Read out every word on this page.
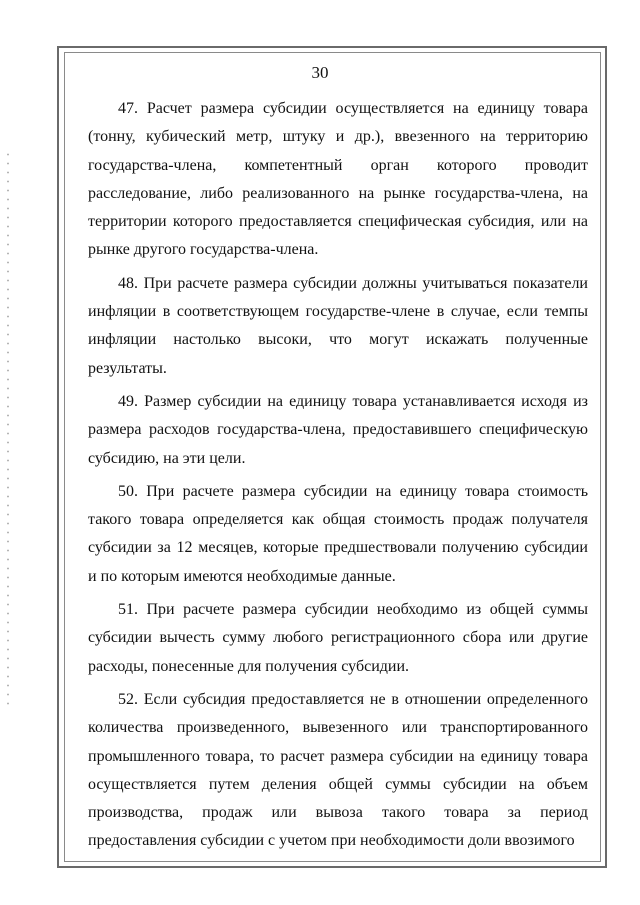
30

47. Расчет размера субсидии осуществляется на единицу товара (тонну, кубический метр, штуку и др.), ввезенного на территорию государства-члена, компетентный орган которого проводит расследование, либо реализованного на рынке государства-члена, на территории которого предоставляется специфическая субсидия, или на рынке другого государства-члена.

48. При расчете размера субсидии должны учитываться показатели инфляции в соответствующем государстве-члене в случае, если темпы инфляции настолько высоки, что могут искажать полученные результаты.

49. Размер субсидии на единицу товара устанавливается исходя из размера расходов государства-члена, предоставившего специфическую субсидию, на эти цели.

50. При расчете размера субсидии на единицу товара стоимость такого товара определяется как общая стоимость продаж получателя субсидии за 12 месяцев, которые предшествовали получению субсидии и по которым имеются необходимые данные.

51. При расчете размера субсидии необходимо из общей суммы субсидии вычесть сумму любого регистрационного сбора или другие расходы, понесенные для получения субсидии.

52. Если субсидия предоставляется не в отношении определенного количества произведенного, вывезенного или транспортированного промышленного товара, то расчет размера субсидии на единицу товара осуществляется путем деления общей суммы субсидии на объем производства, продаж или вывоза такого товара за период предоставления субсидии с учетом при необходимости доли ввозимого
